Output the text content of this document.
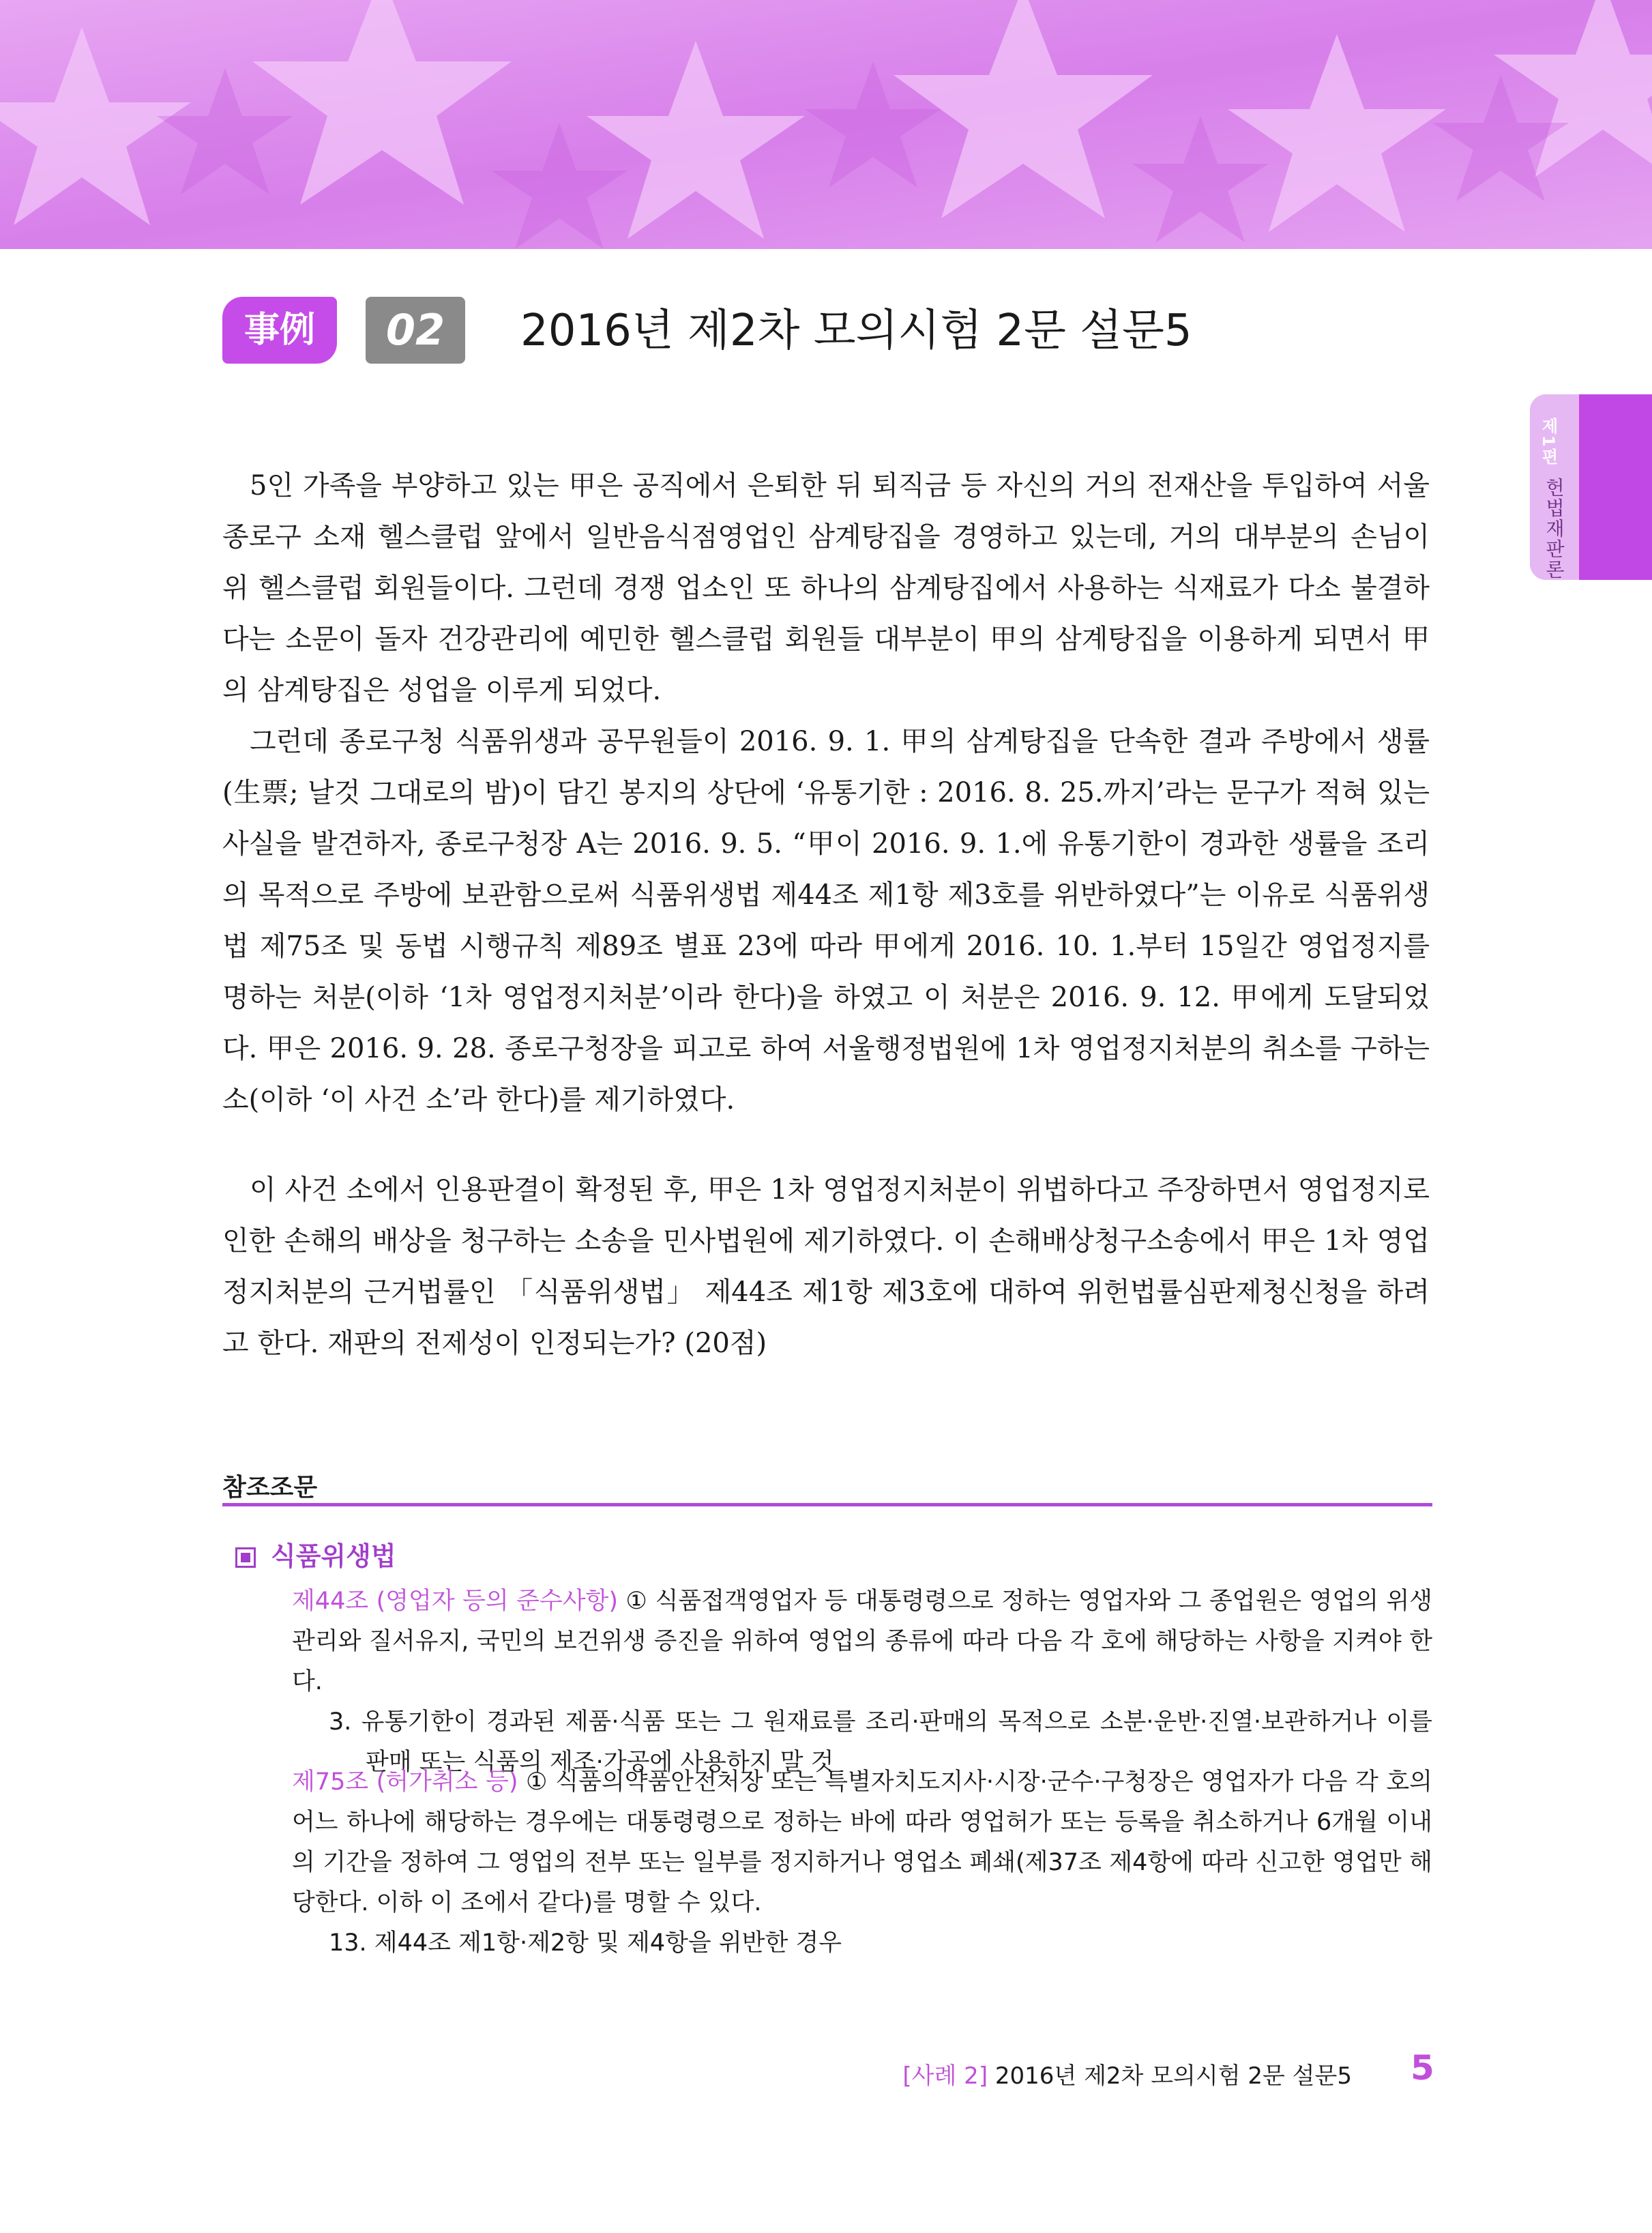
제1편
헌법재판론
事例	02	2016년 제2차 모의시험 2문 설문5

5인 가족을 부양하고 있는 甲은 공직에서 은퇴한 뒤 퇴직금 등 자신의 거의 전재산을 투입하여 서울 종로구 소재 헬스클럽 앞에서 일반음식점영업인 삼계탕집을 경영하고 있는데, 거의 대부분의 손님이 위 헬스클럽 회원들이다. 그런데 경쟁 업소인 또 하나의 삼계탕집에서 사용하는 식재료가 다소 불결하다는 소문이 돌자 건강관리에 예민한 헬스클럽 회원들 대부분이 甲의 삼계탕집을 이용하게 되면서 甲의 삼계탕집은 성업을 이루게 되었다.

그런데 종로구청 식품위생과 공무원들이 2016. 9. 1. 甲의 삼계탕집을 단속한 결과 주방에서 생률(生票; 날것 그대로의 밤)이 담긴 봉지의 상단에 ‘유통기한 : 2016. 8. 25.까지’라는 문구가 적혀 있는 사실을 발견하자, 종로구청장 A는 2016. 9. 5. “甲이 2016. 9. 1.에 유통기한이 경과한 생률을 조리의 목적으로 주방에 보관함으로써 식품위생법 제44조 제1항 제3호를 위반하였다”는 이유로 식품위생법 제75조 및 동법 시행규칙 제89조 별표 23에 따라 甲에게 2016. 10. 1.부터 15일간 영업정지를 명하는 처분(이하 ‘1차 영업정지처분’이라 한다)을 하였고 이 처분은 2016. 9. 12. 甲에게 도달되었다. 甲은 2016. 9. 28. 종로구청장을 피고로 하여 서울행정법원에 1차 영업정지처분의 취소를 구하는 소(이하 ‘이 사건 소’라 한다)를 제기하였다.

이 사건 소에서 인용판결이 확정된 후, 甲은 1차 영업정지처분이 위법하다고 주장하면서 영업정지로 인한 손해의 배상을 청구하는 소송을 민사법원에 제기하였다. 이 손해배상청구소송에서 甲은 1차 영업정지처분의 근거법률인 「식품위생법」 제44조 제1항 제3호에 대하여 위헌법률심판제청신청을 하려고 한다. 재판의 전제성이 인정되는가? (20점)

참조조문
식품위생법
제44조 (영업자 등의 준수사항) ① 식품접객영업자 등 대통령령으로 정하는 영업자와 그 종업원은 영업의 위생관리와 질서유지, 국민의 보건위생 증진을 위하여 영업의 종류에 따라 다음 각 호에 해당하는 사항을 지켜야 한다.
3. 유통기한이 경과된 제품·식품 또는 그 원재료를 조리·판매의 목적으로 소분·운반·진열·보관하거나 이를 판매 또는 식품의 제조·가공에 사용하지 말 것
제75조 (허가취소 등) ① 식품의약품안전처장 또는 특별자치도지사·시장·군수·구청장은 영업자가 다음 각 호의 어느 하나에 해당하는 경우에는 대통령령으로 정하는 바에 따라 영업허가 또는 등록을 취소하거나 6개월 이내의 기간을 정하여 그 영업의 전부 또는 일부를 정지하거나 영업소 폐쇄(제37조 제4항에 따라 신고한 영업만 해당한다. 이하 이 조에서 같다)를 명할 수 있다.
13. 제44조 제1항·제2항 및 제4항을 위반한 경우
[사례 2] 2016년 제2차 모의시험 2문 설문5 5
